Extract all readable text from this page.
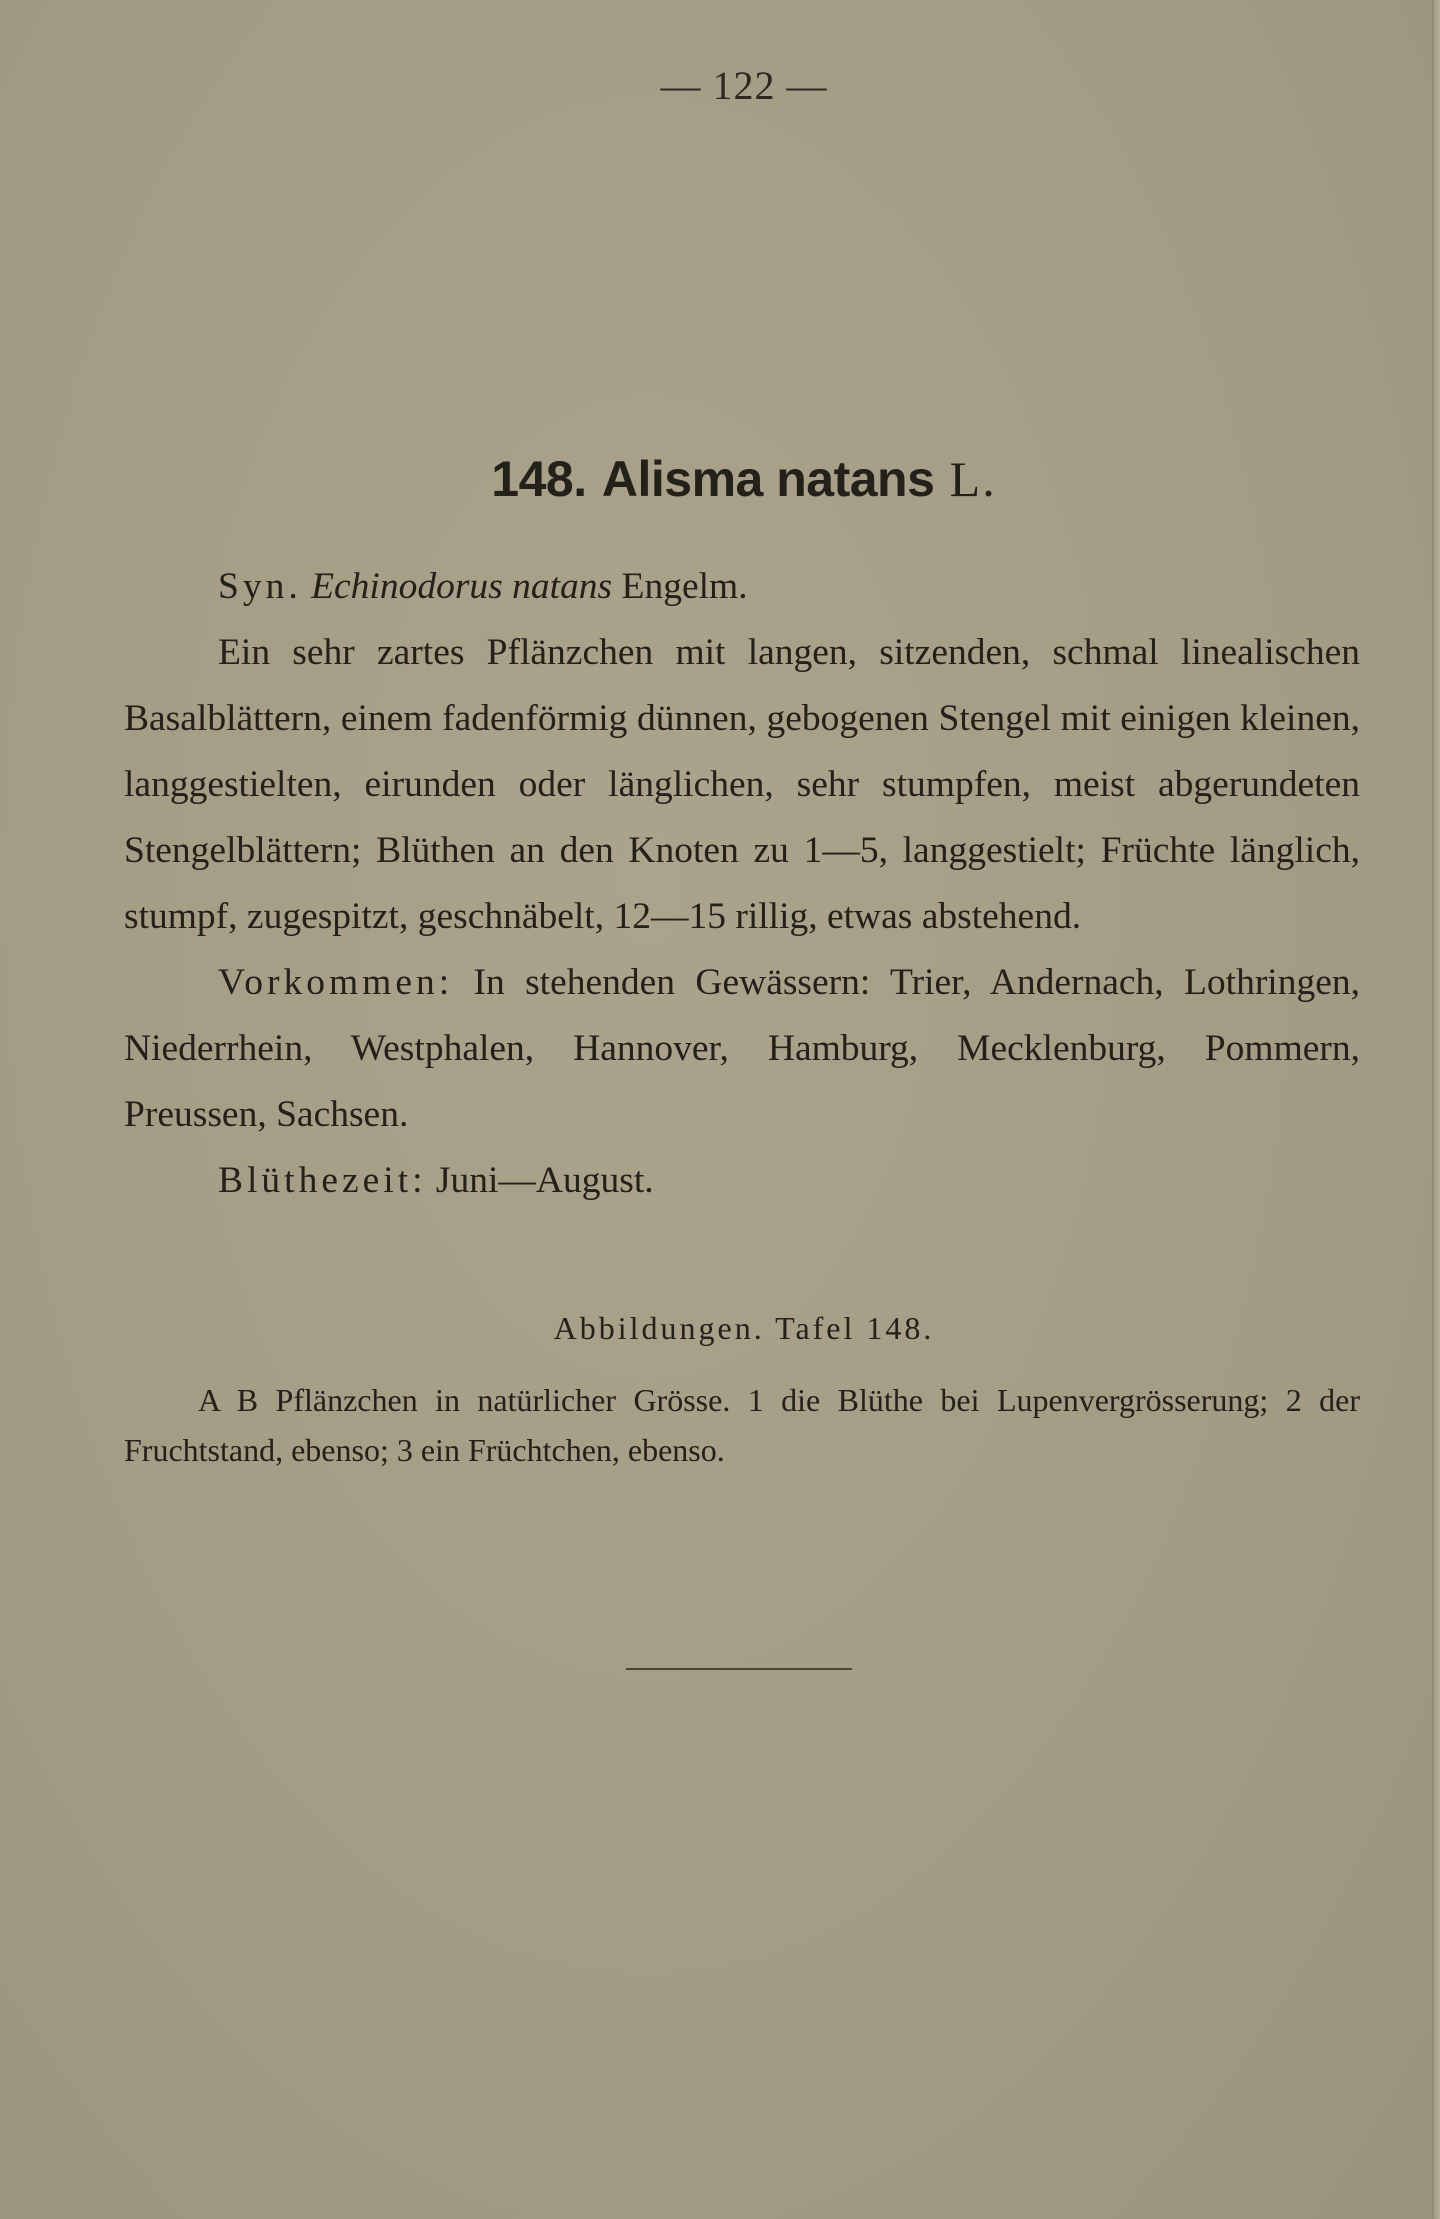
— 122 —
148. Alisma natans L.

Syn. Echinodorus natans Engelm.

Ein sehr zartes Pflänzchen mit langen, sitzenden, schmal linealischen Basalblättern, einem fadenförmig dünnen, gebogenen Stengel mit einigen kleinen, langgestielten, eirunden oder länglichen, sehr stumpfen, meist abgerundeten Stengelblättern; Blüthen an den Knoten zu 1—5, langgestielt; Früchte länglich, stumpf, zugespitzt, geschnäbelt, 12—15 rillig, etwas abstehend.

Vorkommen: In stehenden Gewässern: Trier, Andernach, Lothringen, Niederrhein, Westphalen, Hannover, Hamburg, Mecklenburg, Pommern, Preussen, Sachsen.

Blüthezeit: Juni—August.

Abbildungen. Tafel 148.

A B Pflänzchen in natürlicher Grösse. 1 die Blüthe bei Lupenvergrösserung; 2 der Fruchtstand, ebenso; 3 ein Früchtchen, ebenso.
